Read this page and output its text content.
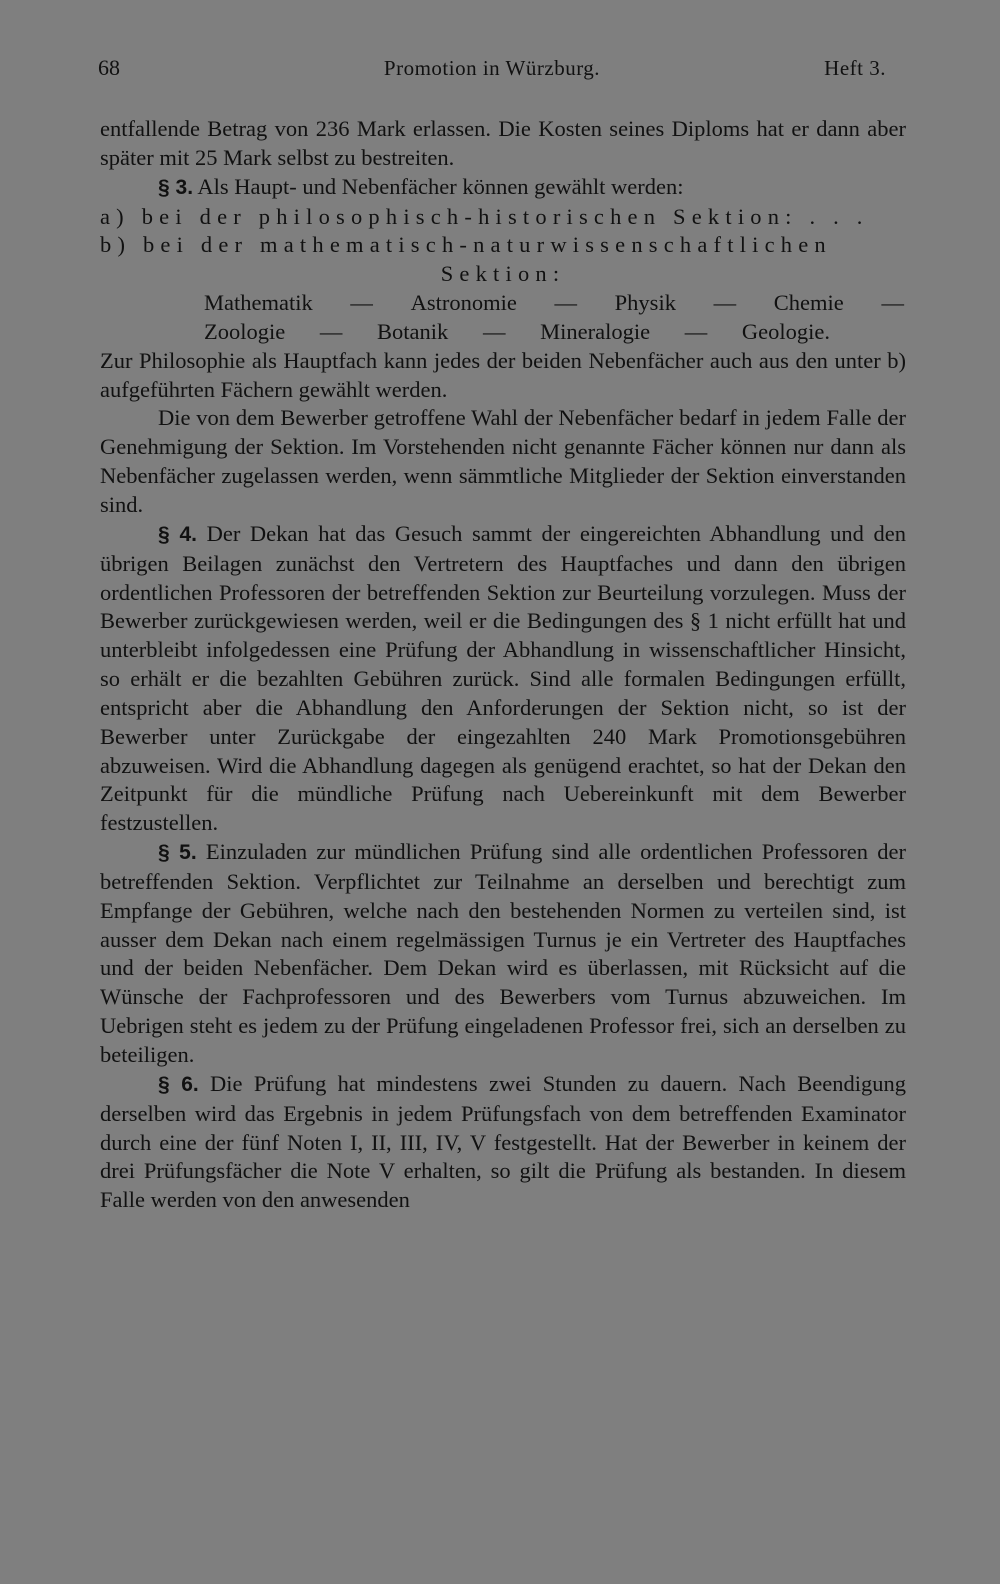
68	Promotion in Würzburg.	Heft 3.

entfallende Betrag von 236 Mark erlassen. Die Kosten seines Diploms hat er dann aber später mit 25 Mark selbst zu bestreiten.

§ 3. Als Haupt- und Nebenfächer können gewählt werden:

a) bei der philosophisch-historischen Sektion: . . .

b) bei der mathematisch-naturwissenschaftlichen

Sektion:

Mathematik — Astronomie — Physik — Chemie —
Zoologie — Botanik — Mineralogie — Geologie.

Zur Philosophie als Hauptfach kann jedes der beiden Nebenfächer auch aus den unter b) aufgeführten Fächern gewählt werden.

Die von dem Bewerber getroffene Wahl der Nebenfächer bedarf in jedem Falle der Genehmigung der Sektion. Im Vorstehenden nicht genannte Fächer können nur dann als Nebenfächer zugelassen werden, wenn sämmtliche Mitglieder der Sektion einverstanden sind.

§ 4. Der Dekan hat das Gesuch sammt der eingereichten Abhandlung und den übrigen Beilagen zunächst den Vertretern des Hauptfaches und dann den übrigen ordentlichen Professoren der betreffenden Sektion zur Beurteilung vorzulegen. Muss der Bewerber zurückgewiesen werden, weil er die Bedingungen des § 1 nicht erfüllt hat und unterbleibt infolgedessen eine Prüfung der Abhandlung in wissenschaftlicher Hinsicht, so erhält er die bezahlten Gebühren zurück. Sind alle formalen Bedingungen erfüllt, entspricht aber die Abhandlung den Anforderungen der Sektion nicht, so ist der Bewerber unter Zurückgabe der eingezahlten 240 Mark Promotionsgebühren abzuweisen. Wird die Abhandlung dagegen als genügend erachtet, so hat der Dekan den Zeitpunkt für die mündliche Prüfung nach Uebereinkunft mit dem Bewerber festzustellen.

§ 5. Einzuladen zur mündlichen Prüfung sind alle ordentlichen Professoren der betreffenden Sektion. Verpflichtet zur Teilnahme an derselben und berechtigt zum Empfange der Gebühren, welche nach den bestehenden Normen zu verteilen sind, ist ausser dem Dekan nach einem regelmässigen Turnus je ein Vertreter des Hauptfaches und der beiden Nebenfächer. Dem Dekan wird es überlassen, mit Rücksicht auf die Wünsche der Fachprofessoren und des Bewerbers vom Turnus abzuweichen. Im Uebrigen steht es jedem zu der Prüfung eingeladenen Professor frei, sich an derselben zu beteiligen.

§ 6. Die Prüfung hat mindestens zwei Stunden zu dauern. Nach Beendigung derselben wird das Ergebnis in jedem Prüfungsfach von dem betreffenden Examinator durch eine der fünf Noten I, II, III, IV, V festgestellt. Hat der Bewerber in keinem der drei Prüfungsfächer die Note V erhalten, so gilt die Prüfung als bestanden. In diesem Falle werden von den anwesenden
